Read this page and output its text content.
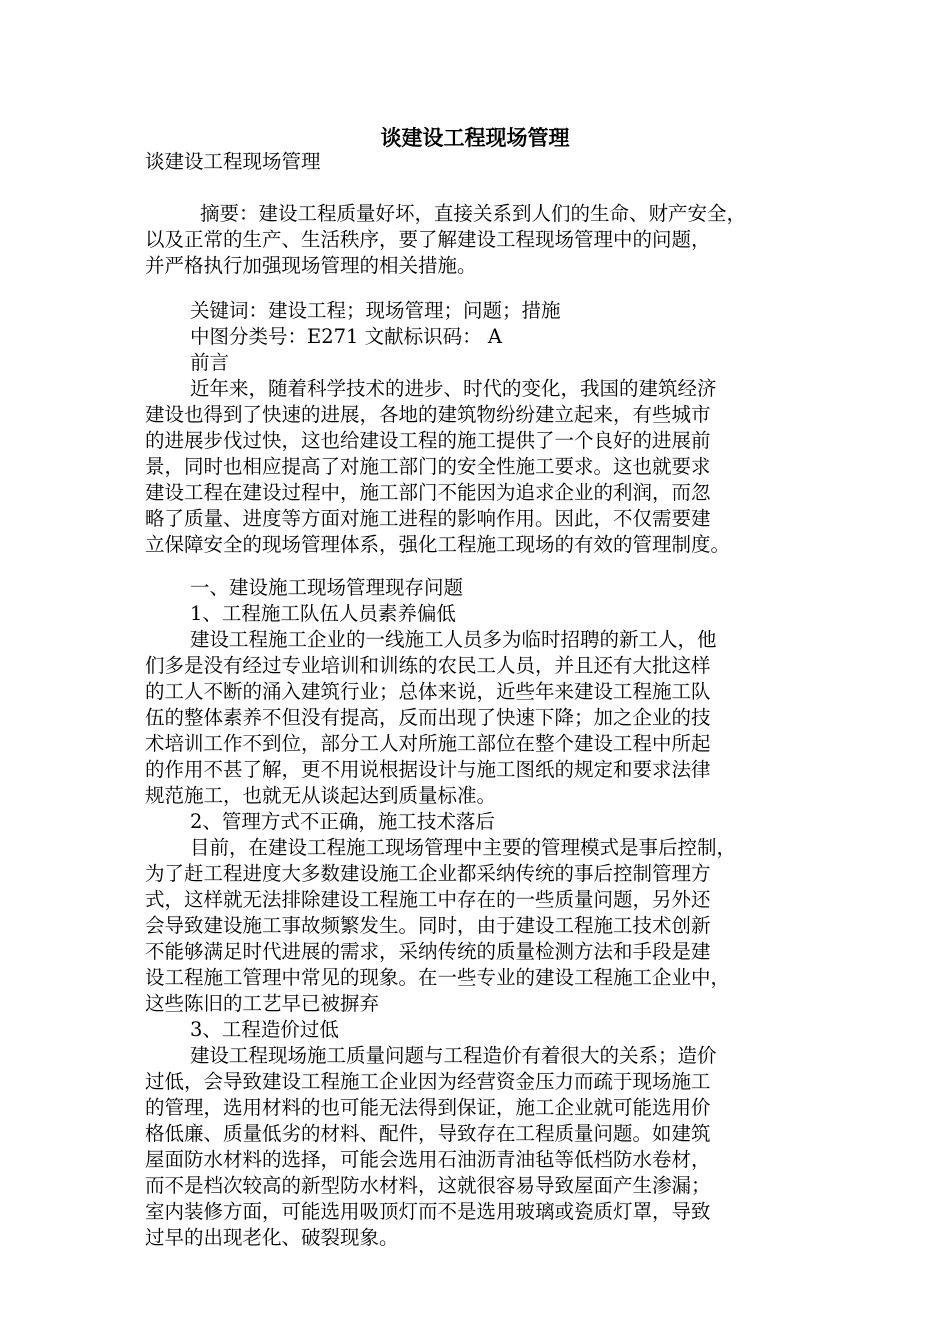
谈建设工程现场管理
谈建设工程现场管理
摘要：建设工程质量好坏，直接关系到人们的生命、财产安全，
以及正常的生产、生活秩序，要了解建设工程现场管理中的问题，
并严格执行加强现场管理的相关措施。
关键词：建设工程；现场管理；问题；措施
中图分类号：E271 文献标识码： A
前言
近年来，随着科学技术的进步、时代的变化，我国的建筑经济
建设也得到了快速的进展，各地的建筑物纷纷建立起来，有些城市
的进展步伐过快，这也给建设工程的施工提供了一个良好的进展前
景，同时也相应提高了对施工部门的安全性施工要求。这也就要求
建设工程在建设过程中，施工部门不能因为追求企业的利润，而忽
略了质量、进度等方面对施工进程的影响作用。因此，不仅需要建
立保障安全的现场管理体系，强化工程施工现场的有效的管理制度。
一、建设施工现场管理现存问题
1、工程施工队伍人员素养偏低
建设工程施工企业的一线施工人员多为临时招聘的新工人，他
们多是没有经过专业培训和训练的农民工人员，并且还有大批这样
的工人不断的涌入建筑行业；总体来说，近些年来建设工程施工队
伍的整体素养不但没有提高，反而出现了快速下降；加之企业的技
术培训工作不到位，部分工人对所施工部位在整个建设工程中所起
的作用不甚了解，更不用说根据设计与施工图纸的规定和要求法律
规范施工，也就无从谈起达到质量标准。
2、管理方式不正确，施工技术落后
目前，在建设工程施工现场管理中主要的管理模式是事后控制，
为了赶工程进度大多数建设施工企业都采纳传统的事后控制管理方
式，这样就无法排除建设工程施工中存在的一些质量问题，另外还
会导致建设施工事故频繁发生。同时，由于建设工程施工技术创新
不能够满足时代进展的需求，采纳传统的质量检测方法和手段是建
设工程施工管理中常见的现象。在一些专业的建设工程施工企业中，
这些陈旧的工艺早已被摒弃
3、工程造价过低
建设工程现场施工质量问题与工程造价有着很大的关系；造价
过低，会导致建设工程施工企业因为经营资金压力而疏于现场施工
的管理，选用材料的也可能无法得到保证，施工企业就可能选用价
格低廉、质量低劣的材料、配件，导致存在工程质量问题。如建筑
屋面防水材料的选择，可能会选用石油沥青油毡等低档防水卷材，
而不是档次较高的新型防水材料，这就很容易导致屋面产生渗漏；
室内装修方面，可能选用吸顶灯而不是选用玻璃或瓷质灯罩，导致
过早的出现老化、破裂现象。
